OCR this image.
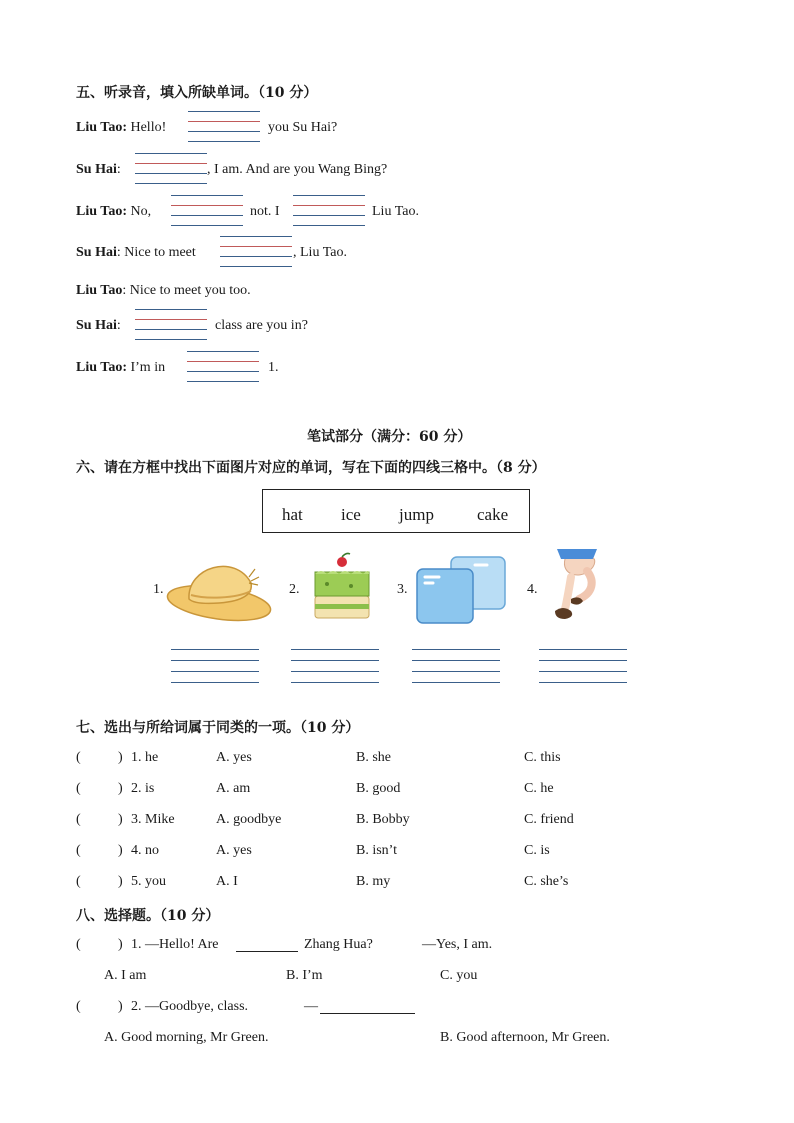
五、听录音，填入所缺单词。（10 分）
Liu Tao: Hello!	you Su Hai?
Su Hai:	, I am. And are you Wang Bing?
Liu Tao: No,	not. I	Liu Tao.
Su Hai: Nice to meet	, Liu Tao.
Liu Tao: Nice to meet you too.
Su Hai:	class are you in?
Liu Tao: I’m in	1.
笔试部分（满分：60 分）
六、请在方框中找出下面图片对应的单词，写在下面的四线三格中。（8 分）
hat ice jump	cake
1.	2.	3.	4.
七、选出与所给词属于同类的一项。（10 分）
(	) 1. he	A. yes	B. she	C. this
(	) 2. is	A. am	B. good	C. he
(	) 3. Mike	A. goodbye	B. Bobby	C. friend
(	) 4. no	A. yes	B. isn’t	C. is
(	) 5. you	A. I	B. my	C. she’s
八、选择题。（10 分）
(	) 1. —Hello! Are	Zhang Hua?	—Yes, I am.
A. I am	B. I’m	C. you
(	) 2. —Goodbye, class.	—
A. Good morning, Mr Green.	B. Good afternoon, Mr Green.
